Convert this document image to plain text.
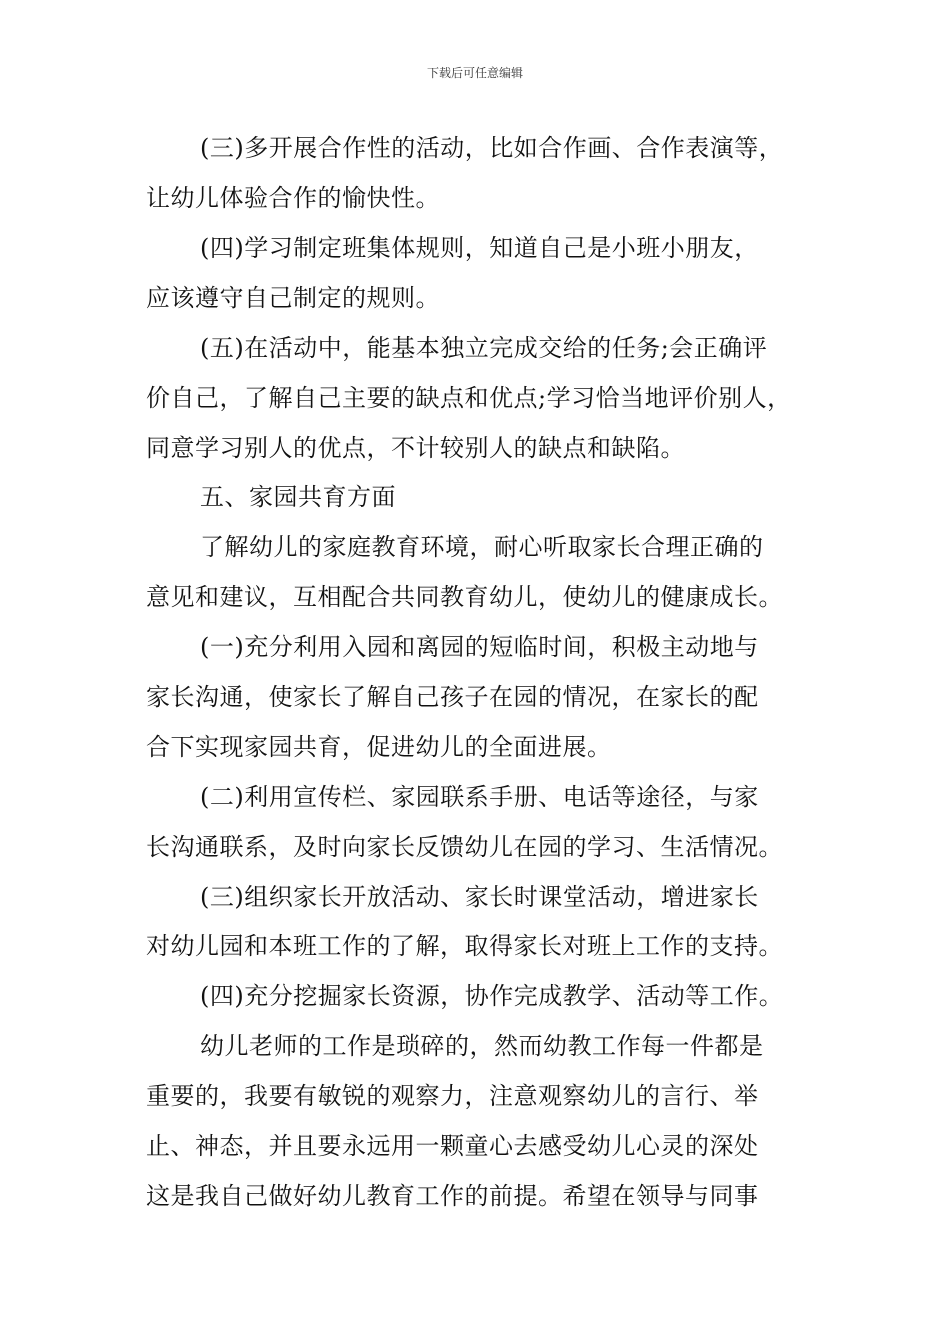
下载后可任意编辑
(三)多开展合作性的活动，比如合作画、合作表演等，
让幼儿体验合作的愉快性。
(四)学习制定班集体规则，知道自己是小班小朋友，
应该遵守自己制定的规则。
(五)在活动中，能基本独立完成交给的任务;会正确评
价自己，了解自己主要的缺点和优点;学习恰当地评价别人，
同意学习别人的优点，不计较别人的缺点和缺陷。
五、家园共育方面
了解幼儿的家庭教育环境，耐心听取家长合理正确的
意见和建议，互相配合共同教育幼儿，使幼儿的健康成长。
(一)充分利用入园和离园的短临时间，积极主动地与
家长沟通，使家长了解自己孩子在园的情况，在家长的配
合下实现家园共育，促进幼儿的全面进展。
(二)利用宣传栏、家园联系手册、电话等途径，与家
长沟通联系，及时向家长反馈幼儿在园的学习、生活情况。
(三)组织家长开放活动、家长时课堂活动，增进家长
对幼儿园和本班工作的了解，取得家长对班上工作的支持。
(四)充分挖掘家长资源，协作完成教学、活动等工作。
幼儿老师的工作是琐碎的，然而幼教工作每一件都是
重要的，我要有敏锐的观察力，注意观察幼儿的言行、举
止、神态，并且要永远用一颗童心去感受幼儿心灵的深处
这是我自己做好幼儿教育工作的前提。希望在领导与同事
